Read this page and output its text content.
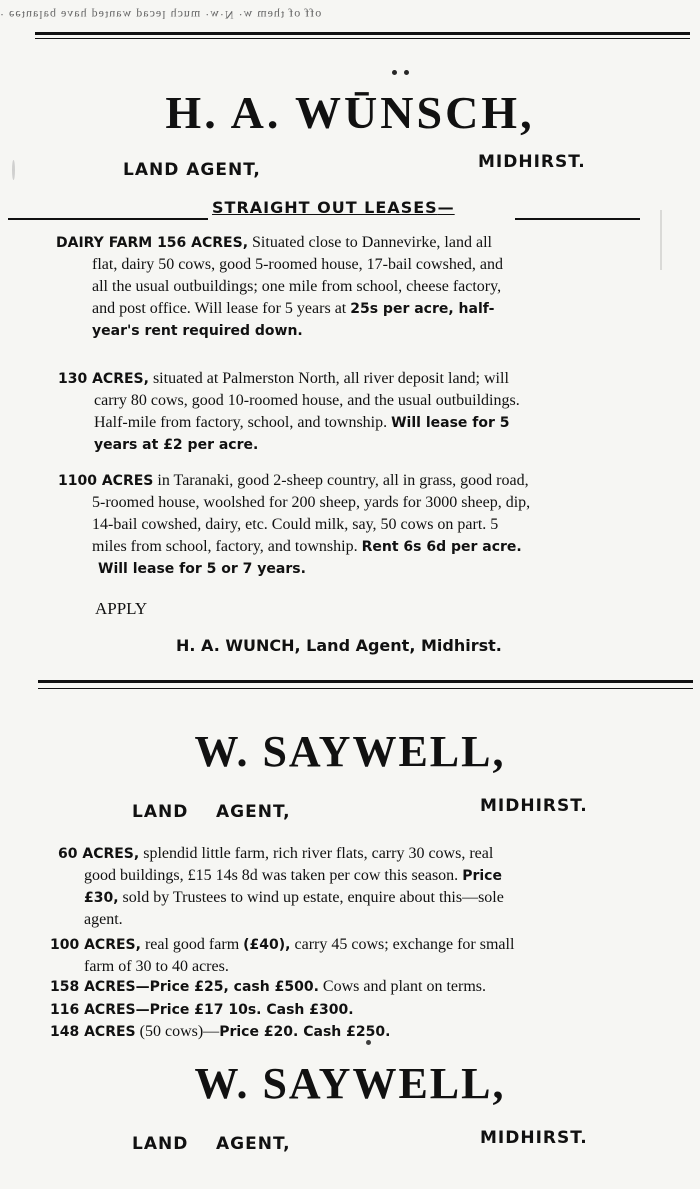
· eeʇuɐlɐq ǝʌɐɥ pǝʇuɐʍ pɐɔǝl ɥɔnɯ ·ʍ·N ·ʍ ɯǝɥʇ ɟo ɟɟo
H. A. WŪNSCH,
LAND AGENT,	MIDHIRST.
STRAIGHT OUT LEASES—
DAIRY FARM 156 ACRES, Situated close to Dannevirke, land all
flat, dairy 50 cows, good 5-roomed house, 17-bail cowshed, and
all the usual outbuildings; one mile from school, cheese factory,
and post office. Will lease for 5 years at 25s per acre, half-
year's rent required down.
130 ACRES, situated at Palmerston North, all river deposit land; will
carry 80 cows, good 10-roomed house, and the usual outbuildings.
Half-mile from factory, school, and township. Will lease for 5
years at £2 per acre.
1100 ACRES in Taranaki, good 2-sheep country, all in grass, good road,
5-roomed house, woolshed for 200 sheep, yards for 3000 sheep, dip,
14-bail cowshed, dairy, etc. Could milk, say, 50 cows on part. 5
miles from school, factory, and township. Rent 6s 6d per acre.
Will lease for 5 or 7 years.
APPLY
H. A. WUNCH, Land Agent, Midhirst.
W. SAYWELL,
LAND    AGENT,	MIDHIRST.
60 ACRES, splendid little farm, rich river flats, carry 30 cows, real
good buildings, £15 14s 8d was taken per cow this season. Price
£30, sold by Trustees to wind up estate, enquire about this—sole
agent.
100 ACRES, real good farm (£40), carry 45 cows; exchange for small
farm of 30 to 40 acres.
158 ACRES—Price £25, cash £500. Cows and plant on terms.
116 ACRES—Price £17 10s. Cash £300.
148 ACRES (50 cows)—Price £20. Cash £250.
W. SAYWELL,
LAND    AGENT,	MIDHIRST.
